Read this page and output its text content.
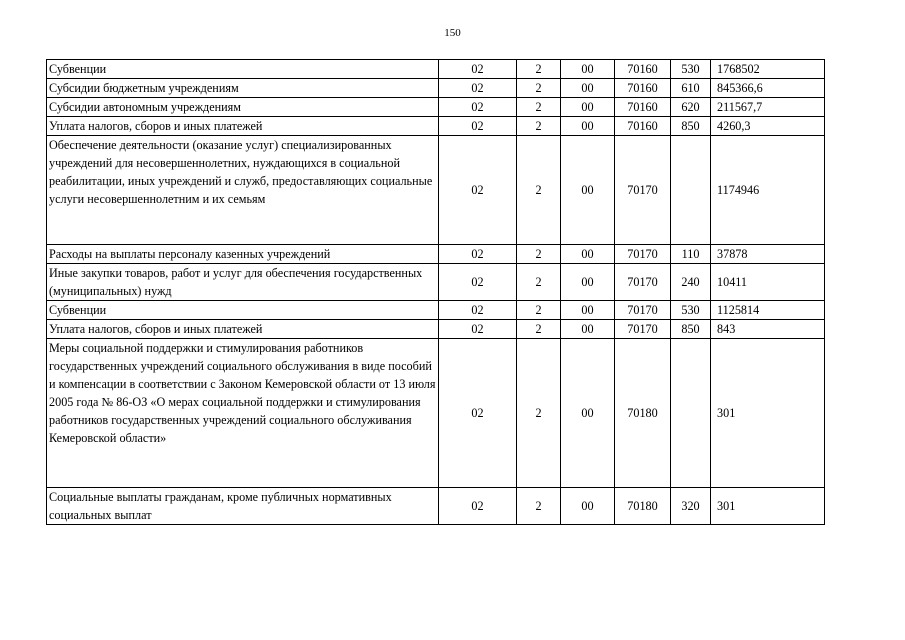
150
Субвенции	02	2	00	70160	530	1768502
Субсидии бюджетным учреждениям	02	2	00	70160	610	845366,6
Субсидии автономным учреждениям	02	2	00	70160	620	211567,7
Уплата налогов, сборов и иных платежей	02	2	00	70160	850	4260,3
Обеспечение деятельности (оказание услуг) специализированных учреждений для несовершеннолетних, нуждающихся в социальной реабилитации, иных учреждений и служб, предоставляющих социальные услуги несовершеннолетним и их семьям	02	2	00	70170		1174946
Расходы на выплаты персоналу казенных учреждений	02	2	00	70170	110	37878
Иные закупки товаров, работ и услуг для обеспечения государственных (муниципальных) нужд	02	2	00	70170	240	10411
Субвенции	02	2	00	70170	530	1125814
Уплата налогов, сборов и иных платежей	02	2	00	70170	850	843
Меры социальной поддержки и стимулирования работников государственных учреждений социального обслуживания в виде пособий и компенсации в соответствии с Законом Кемеровской области от 13 июля 2005 года № 86-ОЗ «О мерах социальной поддержки и стимулирования работников государственных учреждений социального обслуживания Кемеровской области»	02	2	00	70180		301
Социальные выплаты гражданам, кроме публичных нормативных социальных выплат	02	2	00	70180	320	301
